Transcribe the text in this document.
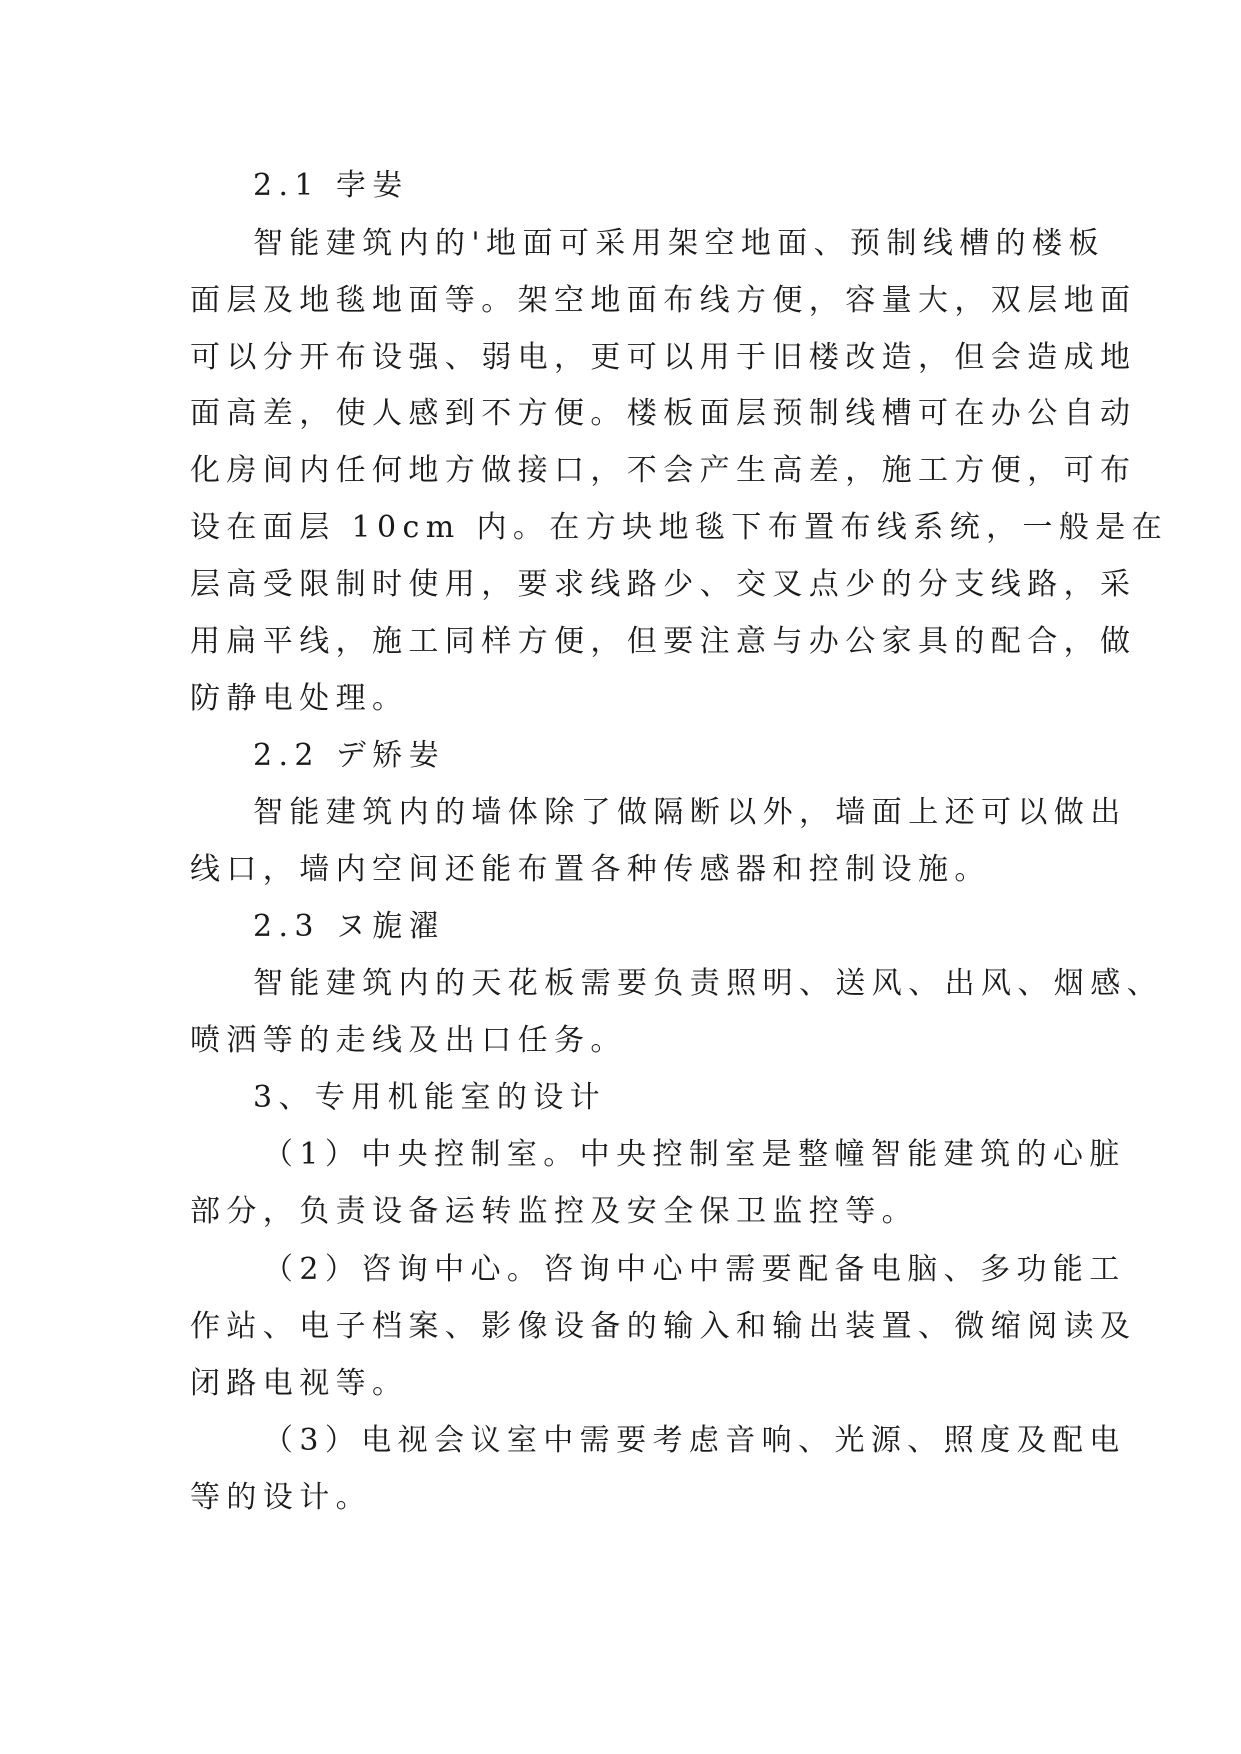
2.1 孛妛
智能建筑内的'地面可采用架空地面、预制线槽的楼板
面层及地毯地面等。架空地面布线方便，容量大，双层地面
可以分开布设强、弱电，更可以用于旧楼改造，但会造成地
面高差，使人感到不方便。楼板面层预制线槽可在办公自动
化房间内任何地方做接口，不会产生高差，施工方便，可布
设在面层 10cm 内。在方块地毯下布置布线系统，一般是在
层高受限制时使用，要求线路少、交叉点少的分支线路，采
用扁平线，施工同样方便，但要注意与办公家具的配合，做
防静电处理。
2.2 デ矫妛
智能建筑内的墙体除了做隔断以外，墙面上还可以做出
线口，墙内空间还能布置各种传感器和控制设施。
2.3 ヌ旎濯
智能建筑内的天花板需要负责照明、送风、出风、烟感、
喷洒等的走线及出口任务。
3、专用机能室的设计
（1）中央控制室。中央控制室是整幢智能建筑的心脏
部分，负责设备运转监控及安全保卫监控等。
（2）咨询中心。咨询中心中需要配备电脑、多功能工
作站、电子档案、影像设备的输入和输出装置、微缩阅读及
闭路电视等。
（3）电视会议室中需要考虑音响、光源、照度及配电
等的设计。
